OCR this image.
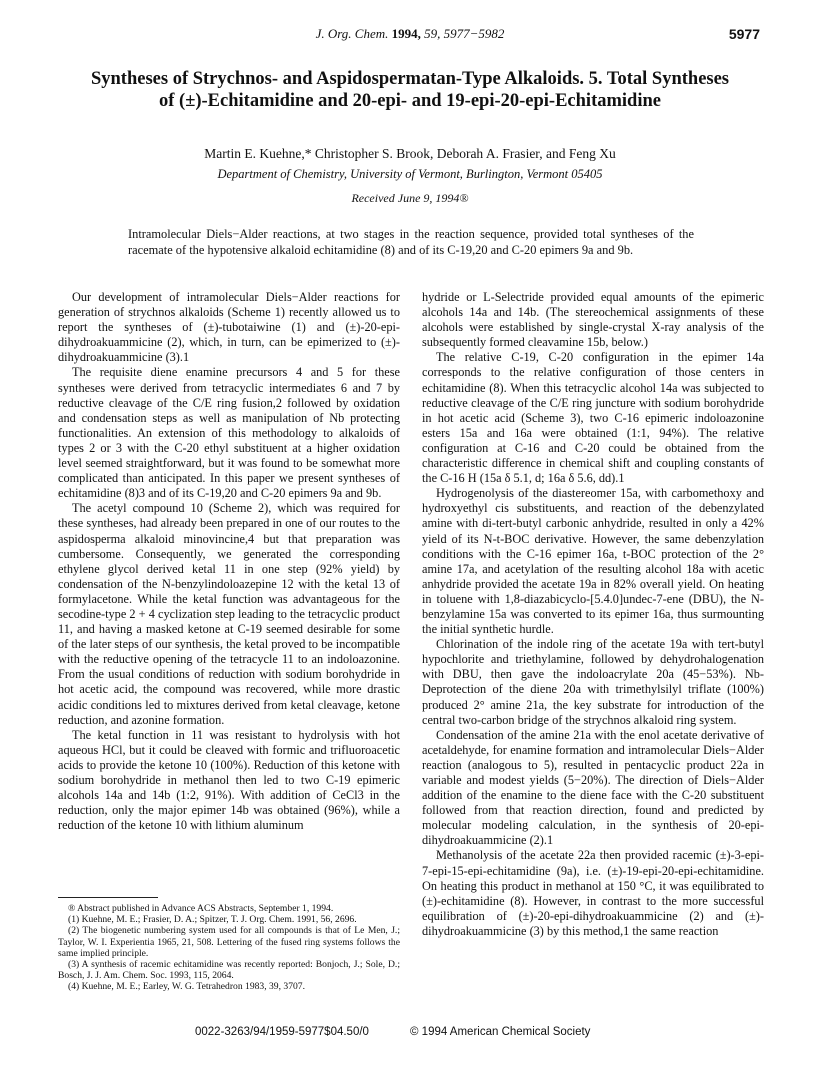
J. Org. Chem. 1994, 59, 5977−5982	5977
Syntheses of Strychnos- and Aspidospermatan-Type Alkaloids. 5. Total Syntheses of (±)-Echitamidine and 20-epi- and 19-epi-20-epi-Echitamidine
Martin E. Kuehne,* Christopher S. Brook, Deborah A. Frasier, and Feng Xu
Department of Chemistry, University of Vermont, Burlington, Vermont 05405
Received June 9, 1994®
Intramolecular Diels−Alder reactions, at two stages in the reaction sequence, provided total syntheses of the racemate of the hypotensive alkaloid echitamidine (8) and of its C-19,20 and C-20 epimers 9a and 9b.

Our development of intramolecular Diels−Alder reactions for generation of strychnos alkaloids (Scheme 1) recently allowed us to report the syntheses of (±)-tubotaiwine (1) and (±)-20-epi-dihydroakuammicine (2), which, in turn, can be epimerized to (±)-dihydroakuammicine (3).1

The requisite diene enamine precursors 4 and 5 for these syntheses were derived from tetracyclic intermediates 6 and 7 by reductive cleavage of the C/E ring fusion,2 followed by oxidation and condensation steps as well as manipulation of Nb protecting functionalities. An extension of this methodology to alkaloids of types 2 or 3 with the C-20 ethyl substituent at a higher oxidation level seemed straightforward, but it was found to be somewhat more complicated than anticipated. In this paper we present syntheses of echitamidine (8)3 and of its C-19,20 and C-20 epimers 9a and 9b.

The acetyl compound 10 (Scheme 2), which was required for these syntheses, had already been prepared in one of our routes to the aspidosperma alkaloid minovincine,4 but that preparation was cumbersome. Consequently, we generated the corresponding ethylene glycol derived ketal 11 in one step (92% yield) by condensation of the N-benzylindoloazepine 12 with the ketal 13 of formylacetone. While the ketal function was advantageous for the secodine-type 2 + 4 cyclization step leading to the tetracyclic product 11, and having a masked ketone at C-19 seemed desirable for some of the later steps of our synthesis, the ketal proved to be incompatible with the reductive opening of the tetracycle 11 to an indoloazonine. From the usual conditions of reduction with sodium borohydride in hot acetic acid, the compound was recovered, while more drastic acidic conditions led to mixtures derived from ketal cleavage, ketone reduction, and azonine formation.

The ketal function in 11 was resistant to hydrolysis with hot aqueous HCl, but it could be cleaved with formic and trifluoroacetic acids to provide the ketone 10 (100%). Reduction of this ketone with sodium borohydride in methanol then led to two C-19 epimeric alcohols 14a and 14b (1:2, 91%). With addition of CeCl3 in the reduction, only the major epimer 14b was obtained (96%), while a reduction of the ketone 10 with lithium aluminum

hydride or L-Selectride provided equal amounts of the epimeric alcohols 14a and 14b. (The stereochemical assignments of these alcohols were established by single-crystal X-ray analysis of the subsequently formed cleavamine 15b, below.)

The relative C-19, C-20 configuration in the epimer 14a corresponds to the relative configuration of those centers in echitamidine (8). When this tetracyclic alcohol 14a was subjected to reductive cleavage of the C/E ring juncture with sodium borohydride in hot acetic acid (Scheme 3), two C-16 epimeric indoloazonine esters 15a and 16a were obtained (1:1, 94%). The relative configuration at C-16 and C-20 could be obtained from the characteristic difference in chemical shift and coupling constants of the C-16 H (15a δ 5.1, d; 16a δ 5.6, dd).1

Hydrogenolysis of the diastereomer 15a, with carbomethoxy and hydroxyethyl cis substituents, and reaction of the debenzylated amine with di-tert-butyl carbonic anhydride, resulted in only a 42% yield of its N-t-BOC derivative. However, the same debenzylation conditions with the C-16 epimer 16a, t-BOC protection of the 2° amine 17a, and acetylation of the resulting alcohol 18a with acetic anhydride provided the acetate 19a in 82% overall yield. On heating in toluene with 1,8-diazabicyclo-[5.4.0]undec-7-ene (DBU), the N-benzylamine 15a was converted to its epimer 16a, thus surmounting the initial synthetic hurdle.

Chlorination of the indole ring of the acetate 19a with tert-butyl hypochlorite and triethylamine, followed by dehydrohalogenation with DBU, then gave the indoloacrylate 20a (45−53%). Nb-Deprotection of the diene 20a with trimethylsilyl triflate (100%) produced 2° amine 21a, the key substrate for introduction of the central two-carbon bridge of the strychnos alkaloid ring system.

Condensation of the amine 21a with the enol acetate derivative of acetaldehyde, for enamine formation and intramolecular Diels−Alder reaction (analogous to 5), resulted in pentacyclic product 22a in variable and modest yields (5−20%). The direction of Diels−Alder addition of the enamine to the diene face with the C-20 substituent followed from that reaction direction, found and predicted by molecular modeling calculation, in the synthesis of 20-epi-dihydroakuammicine (2).1

Methanolysis of the acetate 22a then provided racemic (±)-3-epi-7-epi-15-epi-echitamidine (9a), i.e. (±)-19-epi-20-epi-echitamidine. On heating this product in methanol at 150 °C, it was equilibrated to (±)-echitamidine (8). However, in contrast to the more successful equilibration of (±)-20-epi-dihydroakuammicine (2) and (±)-dihydroakuammicine (3) by this method,1 the same reaction

® Abstract published in Advance ACS Abstracts, September 1, 1994.

(1) Kuehne, M. E.; Frasier, D. A.; Spitzer, T. J. Org. Chem. 1991, 56, 2696.

(2) The biogenetic numbering system used for all compounds is that of Le Men, J.; Taylor, W. I. Experientia 1965, 21, 508. Lettering of the fused ring systems follows the same implied principle.

(3) A synthesis of racemic echitamidine was recently reported: Bonjoch, J.; Sole, D.; Bosch, J. J. Am. Chem. Soc. 1993, 115, 2064.

(4) Kuehne, M. E.; Earley, W. G. Tetrahedron 1983, 39, 3707.

0022-3263/94/1959-5977$04.50/0	© 1994 American Chemical Society
